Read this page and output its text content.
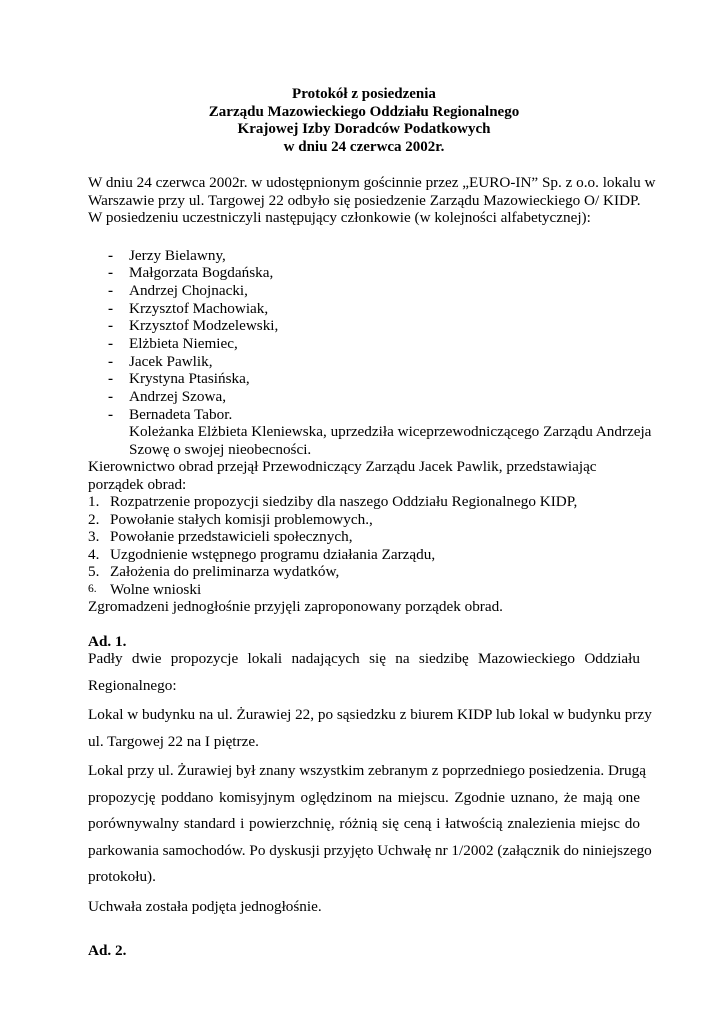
Protokół z posiedzenia
Zarządu Mazowieckiego Oddziału Regionalnego
Krajowej Izby Doradców Podatkowych
w dniu 24 czerwca 2002r.
W dniu 24 czerwca 2002r. w udostępnionym gościnnie przez „EURO-IN” Sp. z o.o. lokalu w
Warszawie przy ul. Targowej 22 odbyło się posiedzenie Zarządu Mazowieckiego O/ KIDP.
W posiedzeniu uczestniczyli następujący członkowie (w kolejności alfabetycznej):
- Jerzy Bielawny,
- Małgorzata Bogdańska,
- Andrzej Chojnacki,
- Krzysztof Machowiak,
- Krzysztof Modzelewski,
- Elżbieta Niemiec,
- Jacek Pawlik,
- Krystyna Ptasińska,
- Andrzej Szowa,
- Bernadeta Tabor.
Koleżanka Elżbieta Kleniewska, uprzedziła wiceprzewodniczącego Zarządu Andrzeja
Szowę o swojej nieobecności.
Kierownictwo obrad przejął Przewodniczący Zarządu Jacek Pawlik, przedstawiając
porządek obrad:
1. Rozpatrzenie propozycji siedziby dla naszego Oddziału Regionalnego KIDP,
2. Powołanie stałych komisji problemowych.,
3. Powołanie przedstawicieli społecznych,
4. Uzgodnienie wstępnego programu działania Zarządu,
5. Założenia do preliminarza wydatków,
6. Wolne wnioski
Zgromadzeni jednogłośnie przyjęli zaproponowany porządek obrad.
Ad. 1.
Padły dwie propozycje lokali nadających się na siedzibę Mazowieckiego Oddziału
Regionalnego:
Lokal w budynku na ul. Żurawiej 22, po sąsiedzku z biurem KIDP lub lokal w budynku przy
ul. Targowej 22 na I piętrze.
Lokal przy ul. Żurawiej był znany wszystkim zebranym z poprzedniego posiedzenia. Drugą
propozycję poddano komisyjnym oględzinom na miejscu. Zgodnie uznano, że mają one
porównywalny standard i powierzchnię, różnią się ceną i łatwością znalezienia miejsc do
parkowania samochodów. Po dyskusji przyjęto Uchwałę nr 1/2002 (załącznik do niniejszego
protokołu).
Uchwała została podjęta jednogłośnie.
Ad. 2.
